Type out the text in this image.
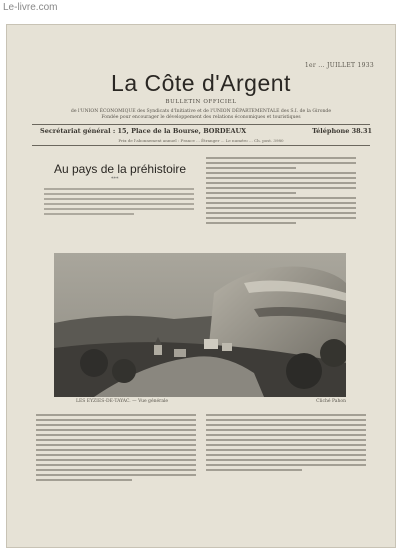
Le-livre.com
1er ... JUILLET 1933
La Côte d'Argent
BULLETIN OFFICIEL
de l'UNION ÉCONOMIQUE des Syndicats d'Initiative et de l'UNION DÉPARTEMENTALE des S.I. de la Gironde
Fondée pour encourager le développement des relations économiques et touristiques
Secrétariat général : 15, Place de la Bourse, BORDEAUX	Téléphone 38.31
Prix de l'abonnement annuel : France ... Étranger ... Le numéro ... Ch. post. 3980
Au pays de la préhistoire
***
LES EYZIES-DE-TAYAC. — Vue générale	Cliché Pahon
